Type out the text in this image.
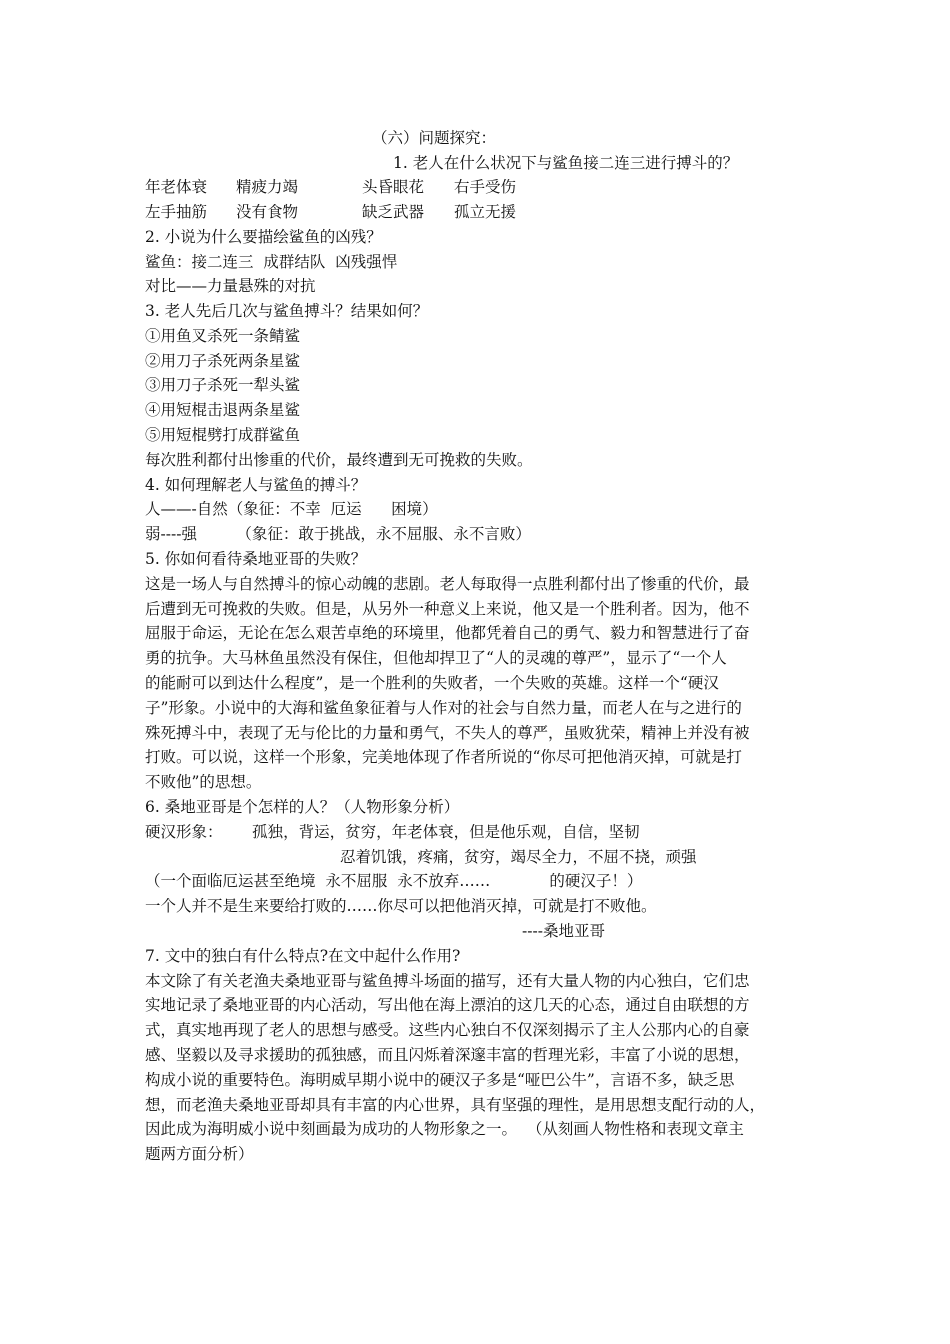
（六）问题探究：
1. 老人在什么状况下与鲨鱼接二连三进行搏斗的？
年老体衰 精疲力竭	头昏眼花 右手受伤
左手抽筋 没有食物	缺乏武器 孤立无援
2. 小说为什么要描绘鲨鱼的凶残？
鲨鱼：接二连三  成群结队  凶残强悍
对比——力量悬殊的对抗
3. 老人先后几次与鲨鱼搏斗？结果如何？
①用鱼叉杀死一条鲭鲨
②用刀子杀死两条星鲨
③用刀子杀死一犁头鲨
④用短棍击退两条星鲨
⑤用短棍劈打成群鲨鱼
每次胜利都付出惨重的代价，最终遭到无可挽救的失败。
4. 如何理解老人与鲨鱼的搏斗？
人——-自然（象征：不幸  厄运      困境）
弱----强        （象征：敢于挑战，永不屈服、永不言败）
5. 你如何看待桑地亚哥的失败？
这是一场人与自然搏斗的惊心动魄的悲剧。老人每取得一点胜利都付出了惨重的代价，最
后遭到无可挽救的失败。但是，从另外一种意义上来说，他又是一个胜利者。因为，他不
屈服于命运，无论在怎么艰苦卓绝的环境里，他都凭着自己的勇气、毅力和智慧进行了奋
勇的抗争。大马林鱼虽然没有保住，但他却捍卫了“人的灵魂的尊严”，显示了“一个人
的能耐可以到达什么程度”，是一个胜利的失败者，一个失败的英雄。这样一个“硬汉
子”形象。小说中的大海和鲨鱼象征着与人作对的社会与自然力量，而老人在与之进行的
殊死搏斗中，表现了无与伦比的力量和勇气，不失人的尊严，虽败犹荣，精神上并没有被
打败。可以说，这样一个形象，完美地体现了作者所说的“你尽可把他消灭掉，可就是打
不败他”的思想。
6. 桑地亚哥是个怎样的人？（人物形象分析）
硬汉形象：      孤独，背运，贫穷，年老体衰，但是他乐观，自信，坚韧
忍着饥饿，疼痛，贫穷，竭尽全力，不屈不挠，顽强
（一个面临厄运甚至绝境  永不屈服  永不放弃……            的硬汉子！）
一个人并不是生来要给打败的……你尽可以把他消灭掉，可就是打不败他。
----桑地亚哥
7. 文中的独白有什么特点?在文中起什么作用?
本文除了有关老渔夫桑地亚哥与鲨鱼搏斗场面的描写，还有大量人物的内心独白，它们忠
实地记录了桑地亚哥的内心活动，写出他在海上漂泊的这几天的心态，通过自由联想的方
式，真实地再现了老人的思想与感受。这些内心独白不仅深刻揭示了主人公那内心的自豪
感、坚毅以及寻求援助的孤独感，而且闪烁着深邃丰富的哲理光彩，丰富了小说的思想，
构成小说的重要特色。海明威早期小说中的硬汉子多是“哑巴公牛”，言语不多，缺乏思
想，而老渔夫桑地亚哥却具有丰富的内心世界，具有坚强的理性，是用思想支配行动的人，
因此成为海明威小说中刻画最为成功的人物形象之一。  （从刻画人物性格和表现文章主
题两方面分析）
